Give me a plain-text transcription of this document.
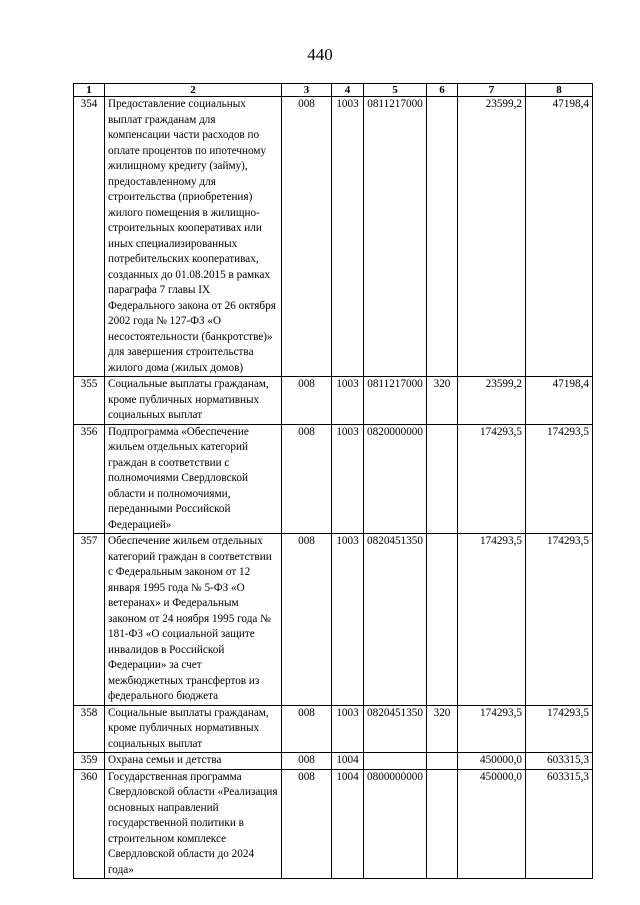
440
1	2	3	4	5	6	7	8
354	Предоставление социальных выплат гражданам для компенсации части расходов по оплате процентов по ипотечному жилищному кредиту (займу), предоставленному для строительства (приобретения) жилого помещения в жилищно-строительных кооперативах или иных специализированных потребительских кооперативах, созданных до 01.08.2015 в рамках параграфа 7 главы IX Федерального закона от 26 октября 2002 года № 127-ФЗ «О несостоятельности (банкротстве)» для завершения строительства жилого дома (жилых домов)	008	1003	0811217000		23599,2	47198,4
355	Социальные выплаты гражданам, кроме публичных нормативных социальных выплат	008	1003	0811217000	320	23599,2	47198,4
356	Подпрограмма «Обеспечение жильем отдельных категорий граждан в соответствии с полномочиями Свердловской области и полномочиями, переданными Российской Федерацией»	008	1003	0820000000		174293,5	174293,5
357	Обеспечение жильем отдельных категорий граждан в соответствии с Федеральным законом от 12 января 1995 года № 5-ФЗ «О ветеранах» и Федеральным законом от 24 ноября 1995 года № 181-ФЗ «О социальной защите инвалидов в Российской Федерации» за счет межбюджетных трансфертов из федерального бюджета	008	1003	0820451350		174293,5	174293,5
358	Социальные выплаты гражданам, кроме публичных нормативных социальных выплат	008	1003	0820451350	320	174293,5	174293,5
359	Охрана семьи и детства	008	1004			450000,0	603315,3
360	Государственная программа Свердловской области «Реализация основных направлений государственной политики в строительном комплексе Свердловской области до 2024 года»	008	1004	0800000000		450000,0	603315,3
